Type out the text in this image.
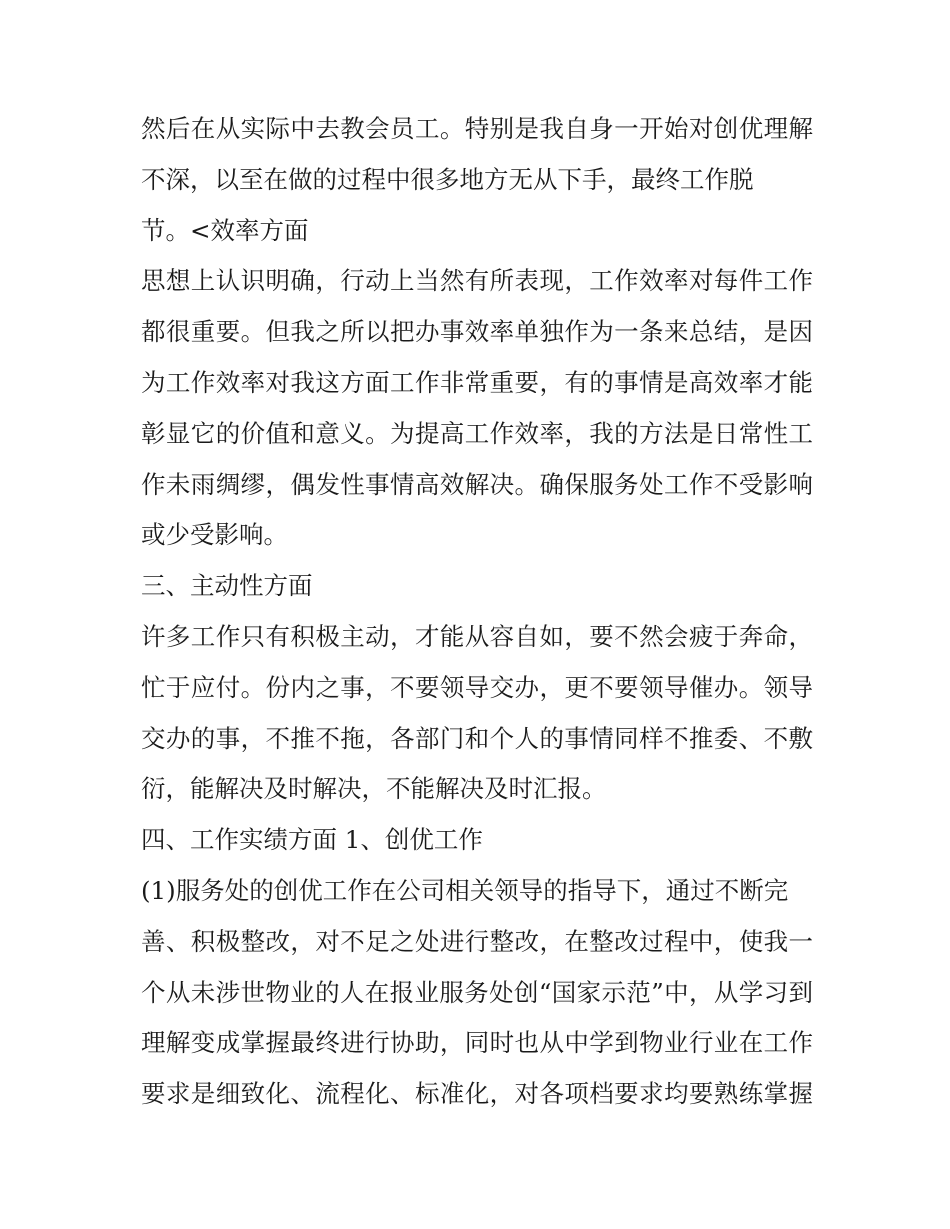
然后在从实际中去教会员工。特别是我自身一开始对创优理解
不深，以至在做的过程中很多地方无从下手，最终工作脱
节。<效率方面
思想上认识明确，行动上当然有所表现，工作效率对每件工作
都很重要。但我之所以把办事效率单独作为一条来总结，是因
为工作效率对我这方面工作非常重要，有的事情是高效率才能
彰显它的价值和意义。为提高工作效率，我的方法是日常性工
作未雨绸缪，偶发性事情高效解决。确保服务处工作不受影响
或少受影响。
三、主动性方面
许多工作只有积极主动，才能从容自如，要不然会疲于奔命，
忙于应付。份内之事，不要领导交办，更不要领导催办。领导
交办的事，不推不拖，各部门和个人的事情同样不推委、不敷
衍，能解决及时解决，不能解决及时汇报。
四、工作实绩方面 1、创优工作
(1)服务处的创优工作在公司相关领导的指导下，通过不断完
善、积极整改，对不足之处进行整改，在整改过程中，使我一
个从未涉世物业的人在报业服务处创“国家示范”中，从学习到
理解变成掌握最终进行协助，同时也从中学到物业行业在工作
要求是细致化、流程化、标准化，对各项档要求均要熟练掌握
